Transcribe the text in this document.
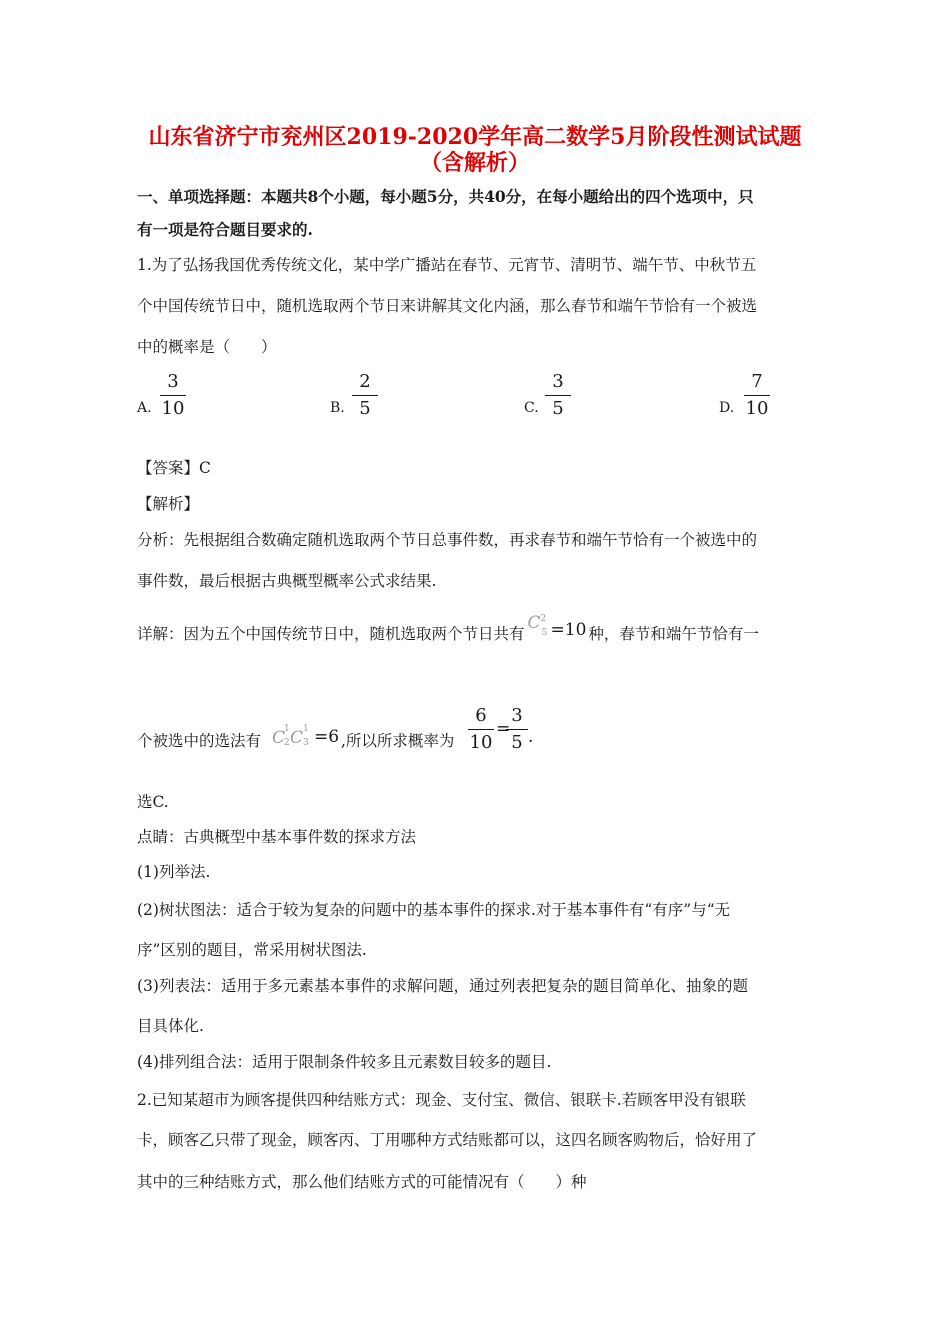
山东省济宁市兖州区2019-2020学年高二数学5月阶段性测试试题
（含解析）
一、单项选择题：本题共8个小题，每小题5分，共40分，在每小题给出的四个选项中，只
有一项是符合题目要求的.
1.为了弘扬我国优秀传统文化，某中学广播站在春节、元宵节、清明节、端午节、中秋节五
个中国传统节日中，随机选取两个节日来讲解其文化内涵，那么春节和端午节恰有一个被选
中的概率是（　　）
A.
3
10	B.
2
5	C.
3
5	D.
7
10
【答案】C
【解析】
分析：先根据组合数确定随机选取两个节日总事件数，再求春节和端午节恰有一个被选中的
事件数，最后根据古典概型概率公式求结果.
详解：因为五个中国传统节日中，随机选取两个节日共有
C 2
5 =10 种，春节和端午节恰有一
个被选中的选法有 C
1
2 C 1
3 =6 ,所以所求概率为
6
10
=
3
5 .
选C.
点睛：古典概型中基本事件数的探求方法
(1)列举法.
(2)树状图法：适合于较为复杂的问题中的基本事件的探求.对于基本事件有“有序”与“无
序”区别的题目，常采用树状图法.
(3)列表法：适用于多元素基本事件的求解问题，通过列表把复杂的题目简单化、抽象的题
目具体化.
(4)排列组合法：适用于限制条件较多且元素数目较多的题目.
2.已知某超市为顾客提供四种结账方式：现金、支付宝、微信、银联卡.若顾客甲没有银联
卡，顾客乙只带了现金，顾客丙、丁用哪种方式结账都可以，这四名顾客购物后，恰好用了
其中的三种结账方式，那么他们结账方式的可能情况有（　　）种
